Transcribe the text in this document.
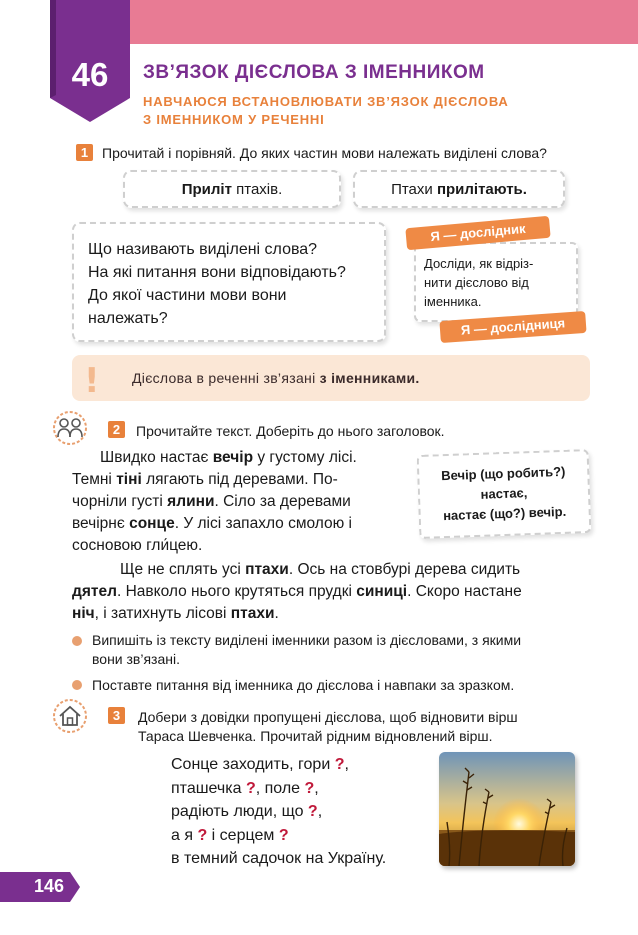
46	ЗВ’ЯЗОК ДІЄСЛОВА З ІМЕННИКОМ
НАВЧАЮСЯ ВСТАНОВЛЮВАТИ ЗВ’ЯЗОК ДІЄСЛОВА
З ІМЕННИКОМ У РЕЧЕННІ
1 Прочитай і порівняй. До яких частин мови належать виділені слова?
Приліт птахів.	Птахи прилітають.
Що називають виділені слова?
На які питання вони відповідають?
До якої частини мови вони
належать?
Досліди, як відріз-
нити дієслово від
іменника.
Я — дослідник
Я — дослідниця
! Дієслова в реченні зв’язані з іменниками.
2	Прочитайте текст. Доберіть до нього заголовок.
Швидко настає вечір у густому лісі.
Темні тіні лягають під деревами. По-
чорніли густі ялини. Сіло за деревами
вечірнє сонце. У лісі запахло смолою і
сосновою гли́цею.
Ще не сплять усі птахи. Ось на стовбурі дерева сидить
дятел. Навколо нього крутяться прудкі синиці. Скоро настане
ніч, і затихнуть лісові птахи.
Вечір (що робить?)
настає,
настає (що?) вечір.
Випишіть із тексту виділені іменники разом із дієсловами, з якими
вони зв’язані.
Поставте питання від іменника до дієслова і навпаки за зразком.
3	Добери з довідки пропущені дієслова, щоб відновити вірш
Тараса Шевченка. Прочитай рідним відновлений вірш.
Сонце заходить, гори ?,
пташечка ?, поле ?,
радіють люди, що ?,
а я ? і серцем ?
в темний садочок на Україну.
146
